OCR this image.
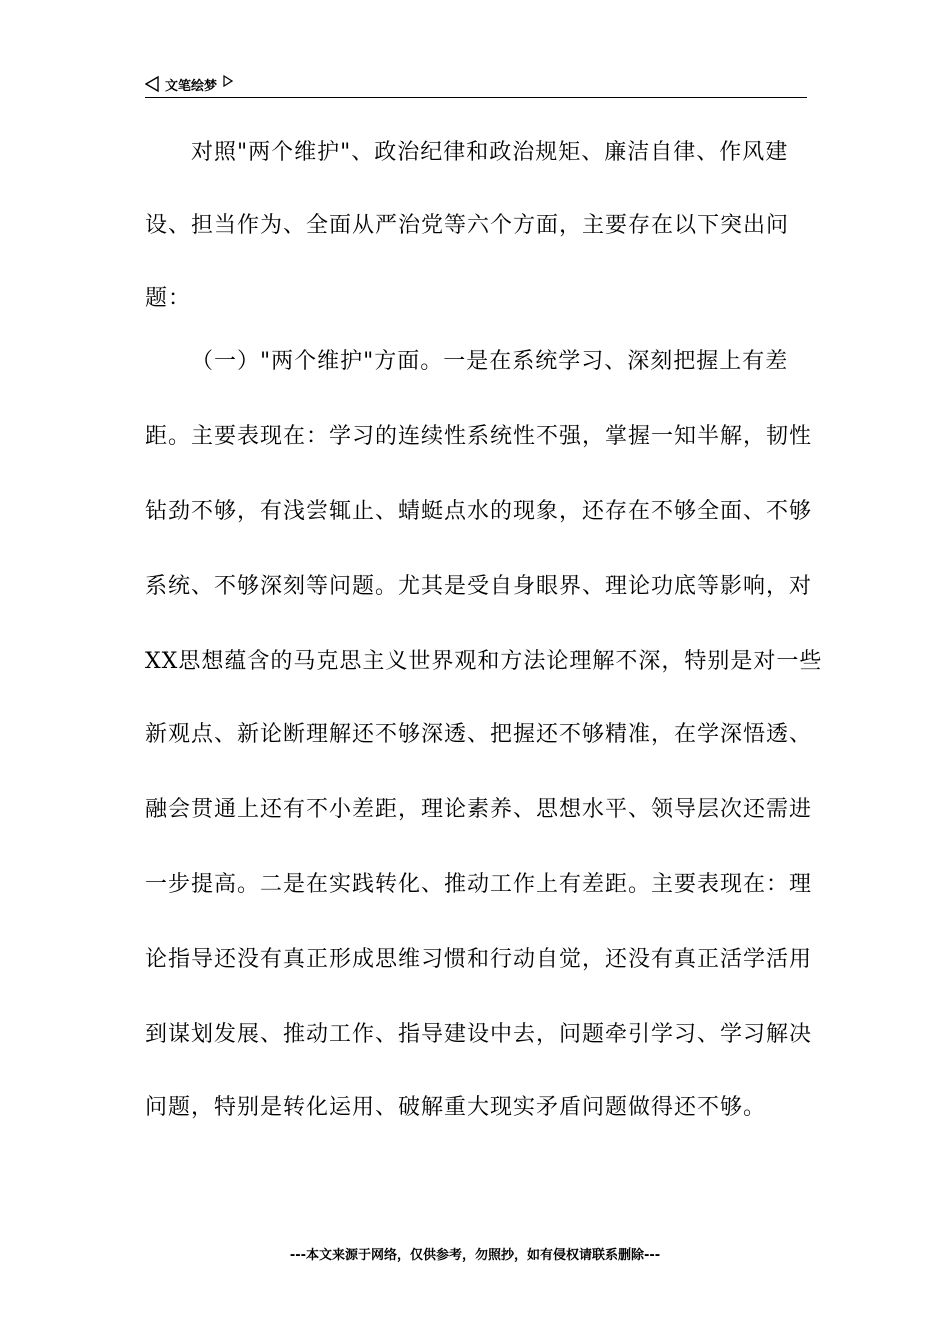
文笔绘梦
对照"两个维护"、政治纪律和政治规矩、廉洁自律、作风建
设、担当作为、全面从严治党等六个方面，主要存在以下突出问
题：
（一）"两个维护"方面。一是在系统学习、深刻把握上有差
距。主要表现在：学习的连续性系统性不强，掌握一知半解，韧性
钻劲不够，有浅尝辄止、蜻蜓点水的现象，还存在不够全面、不够
系统、不够深刻等问题。尤其是受自身眼界、理论功底等影响，对
XX思想蕴含的马克思主义世界观和方法论理解不深，特别是对一些
新观点、新论断理解还不够深透、把握还不够精准，在学深悟透、
融会贯通上还有不小差距，理论素养、思想水平、领导层次还需进
一步提高。二是在实践转化、推动工作上有差距。主要表现在：理
论指导还没有真正形成思维习惯和行动自觉，还没有真正活学活用
到谋划发展、推动工作、指导建设中去，问题牵引学习、学习解决
问题，特别是转化运用、破解重大现实矛盾问题做得还不够。
---本文来源于网络，仅供参考，勿照抄，如有侵权请联系删除---
